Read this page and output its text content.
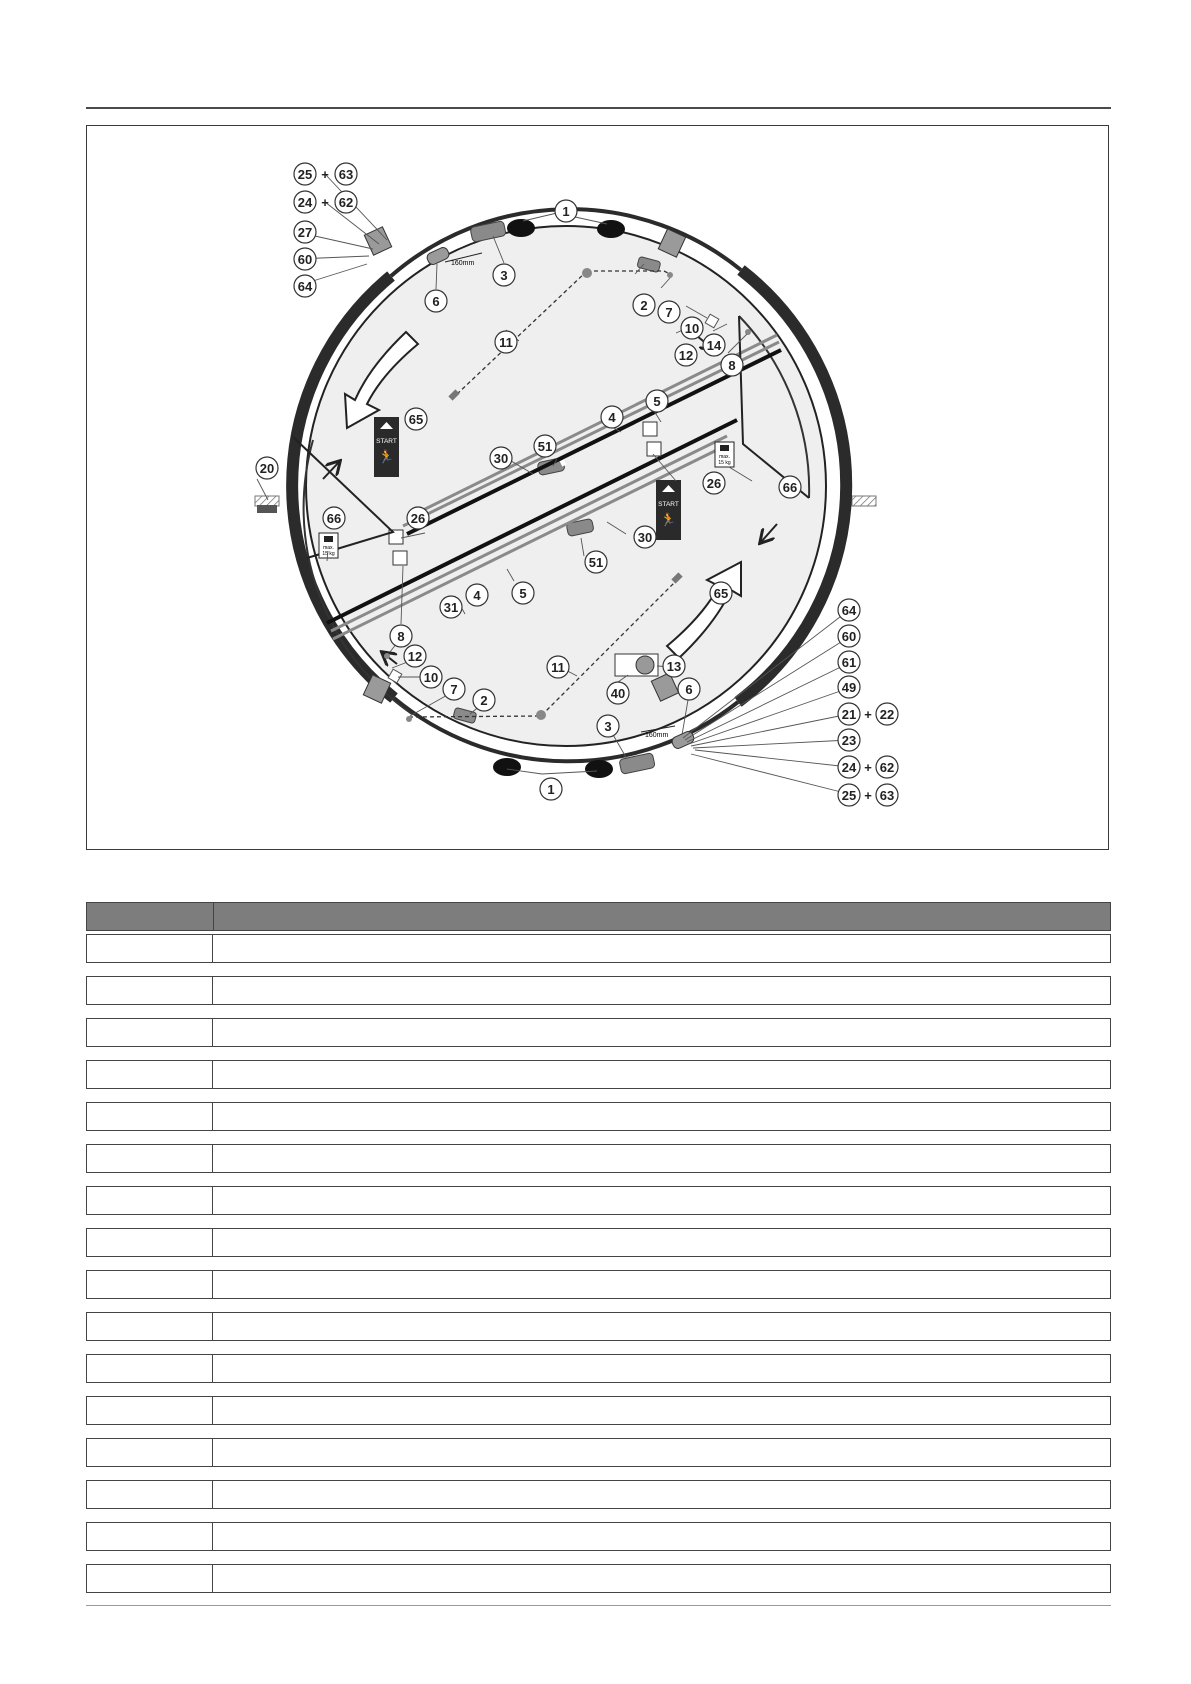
START
🏃
START
🏃
max.
15 kg
max.
15 kg
160mm
160mm
25 + 63
24 + 62
27
60
64
6
3
1
11
2 7
10
12
14
8
5
4
65
51
30
26	66
20
66	26
30
51
5
4
31
65
8
12
10
7
2
11	13
40	6
3
1
64
60
61
49
21 + 22
23
24 + 62
25 + 63
